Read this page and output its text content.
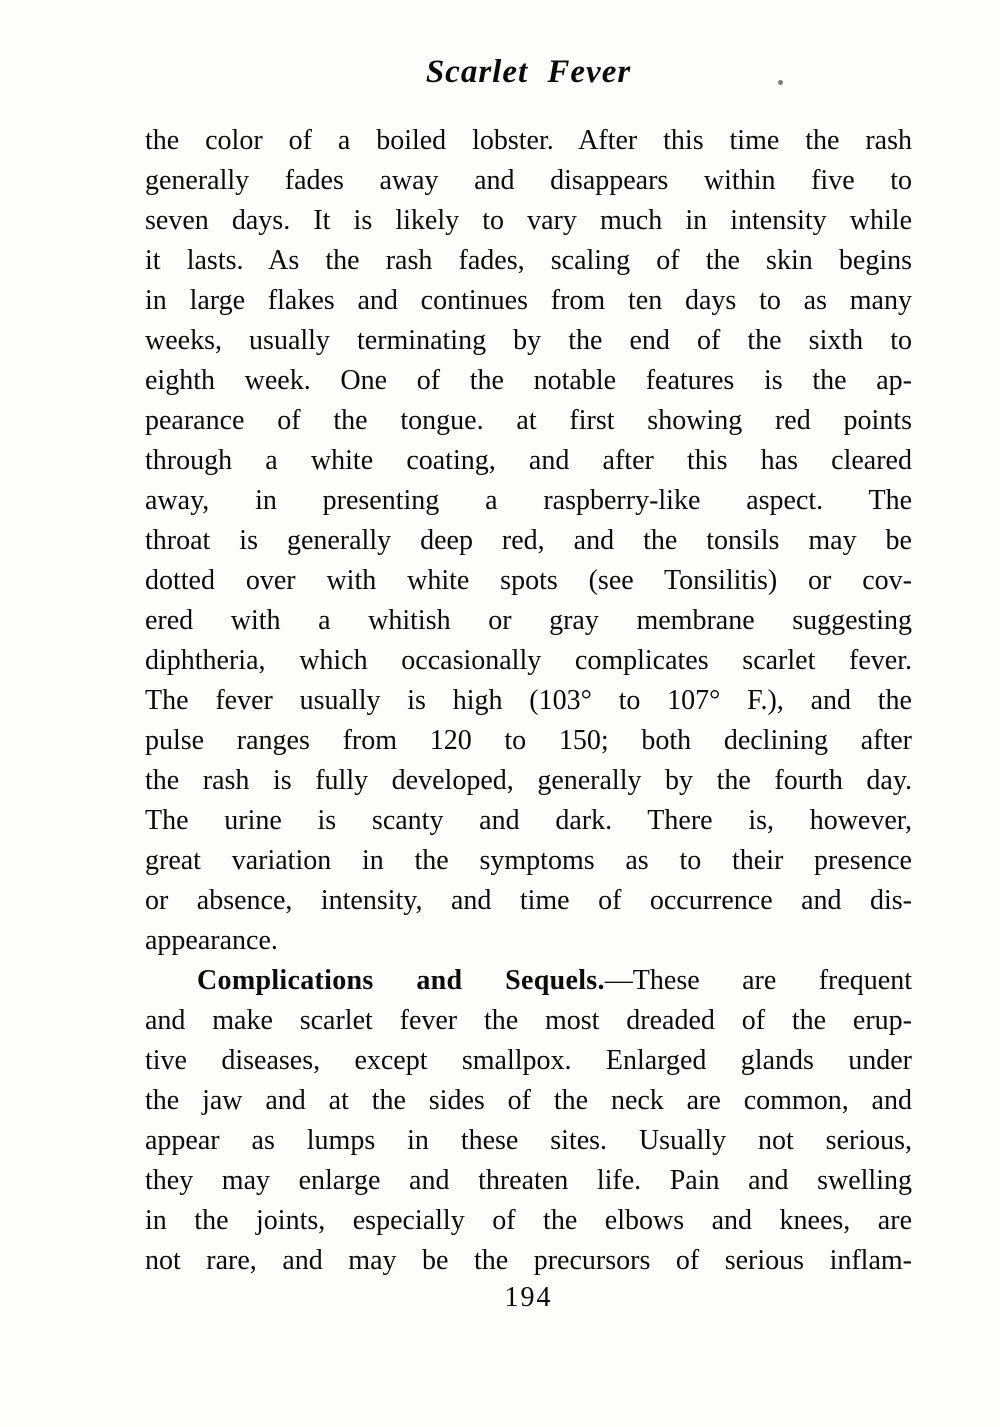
Scarlet Fever
the color of a boiled lobster. After this time the rash
generally fades away and disappears within five to
seven days. It is likely to vary much in intensity while
it lasts. As the rash fades, scaling of the skin begins
in large flakes and continues from ten days to as many
weeks, usually terminating by the end of the sixth to
eighth week. One of the notable features is the ap-
pearance of the tongue. at first showing red points
through a white coating, and after this has cleared
away, in presenting a raspberry-like aspect. The
throat is generally deep red, and the tonsils may be
dotted over with white spots (see Tonsilitis) or cov-
ered with a whitish or gray membrane suggesting
diphtheria, which occasionally complicates scarlet fever.
The fever usually is high (103° to 107° F.), and the
pulse ranges from 120 to 150; both declining after
the rash is fully developed, generally by the fourth day.
The urine is scanty and dark. There is, however,
great variation in the symptoms as to their presence
or absence, intensity, and time of occurrence and dis-
appearance.
Complications and Sequels.—These are frequent
and make scarlet fever the most dreaded of the erup-
tive diseases, except smallpox. Enlarged glands under
the jaw and at the sides of the neck are common, and
appear as lumps in these sites. Usually not serious,
they may enlarge and threaten life. Pain and swelling
in the joints, especially of the elbows and knees, are
not rare, and may be the precursors of serious inflam-
194
